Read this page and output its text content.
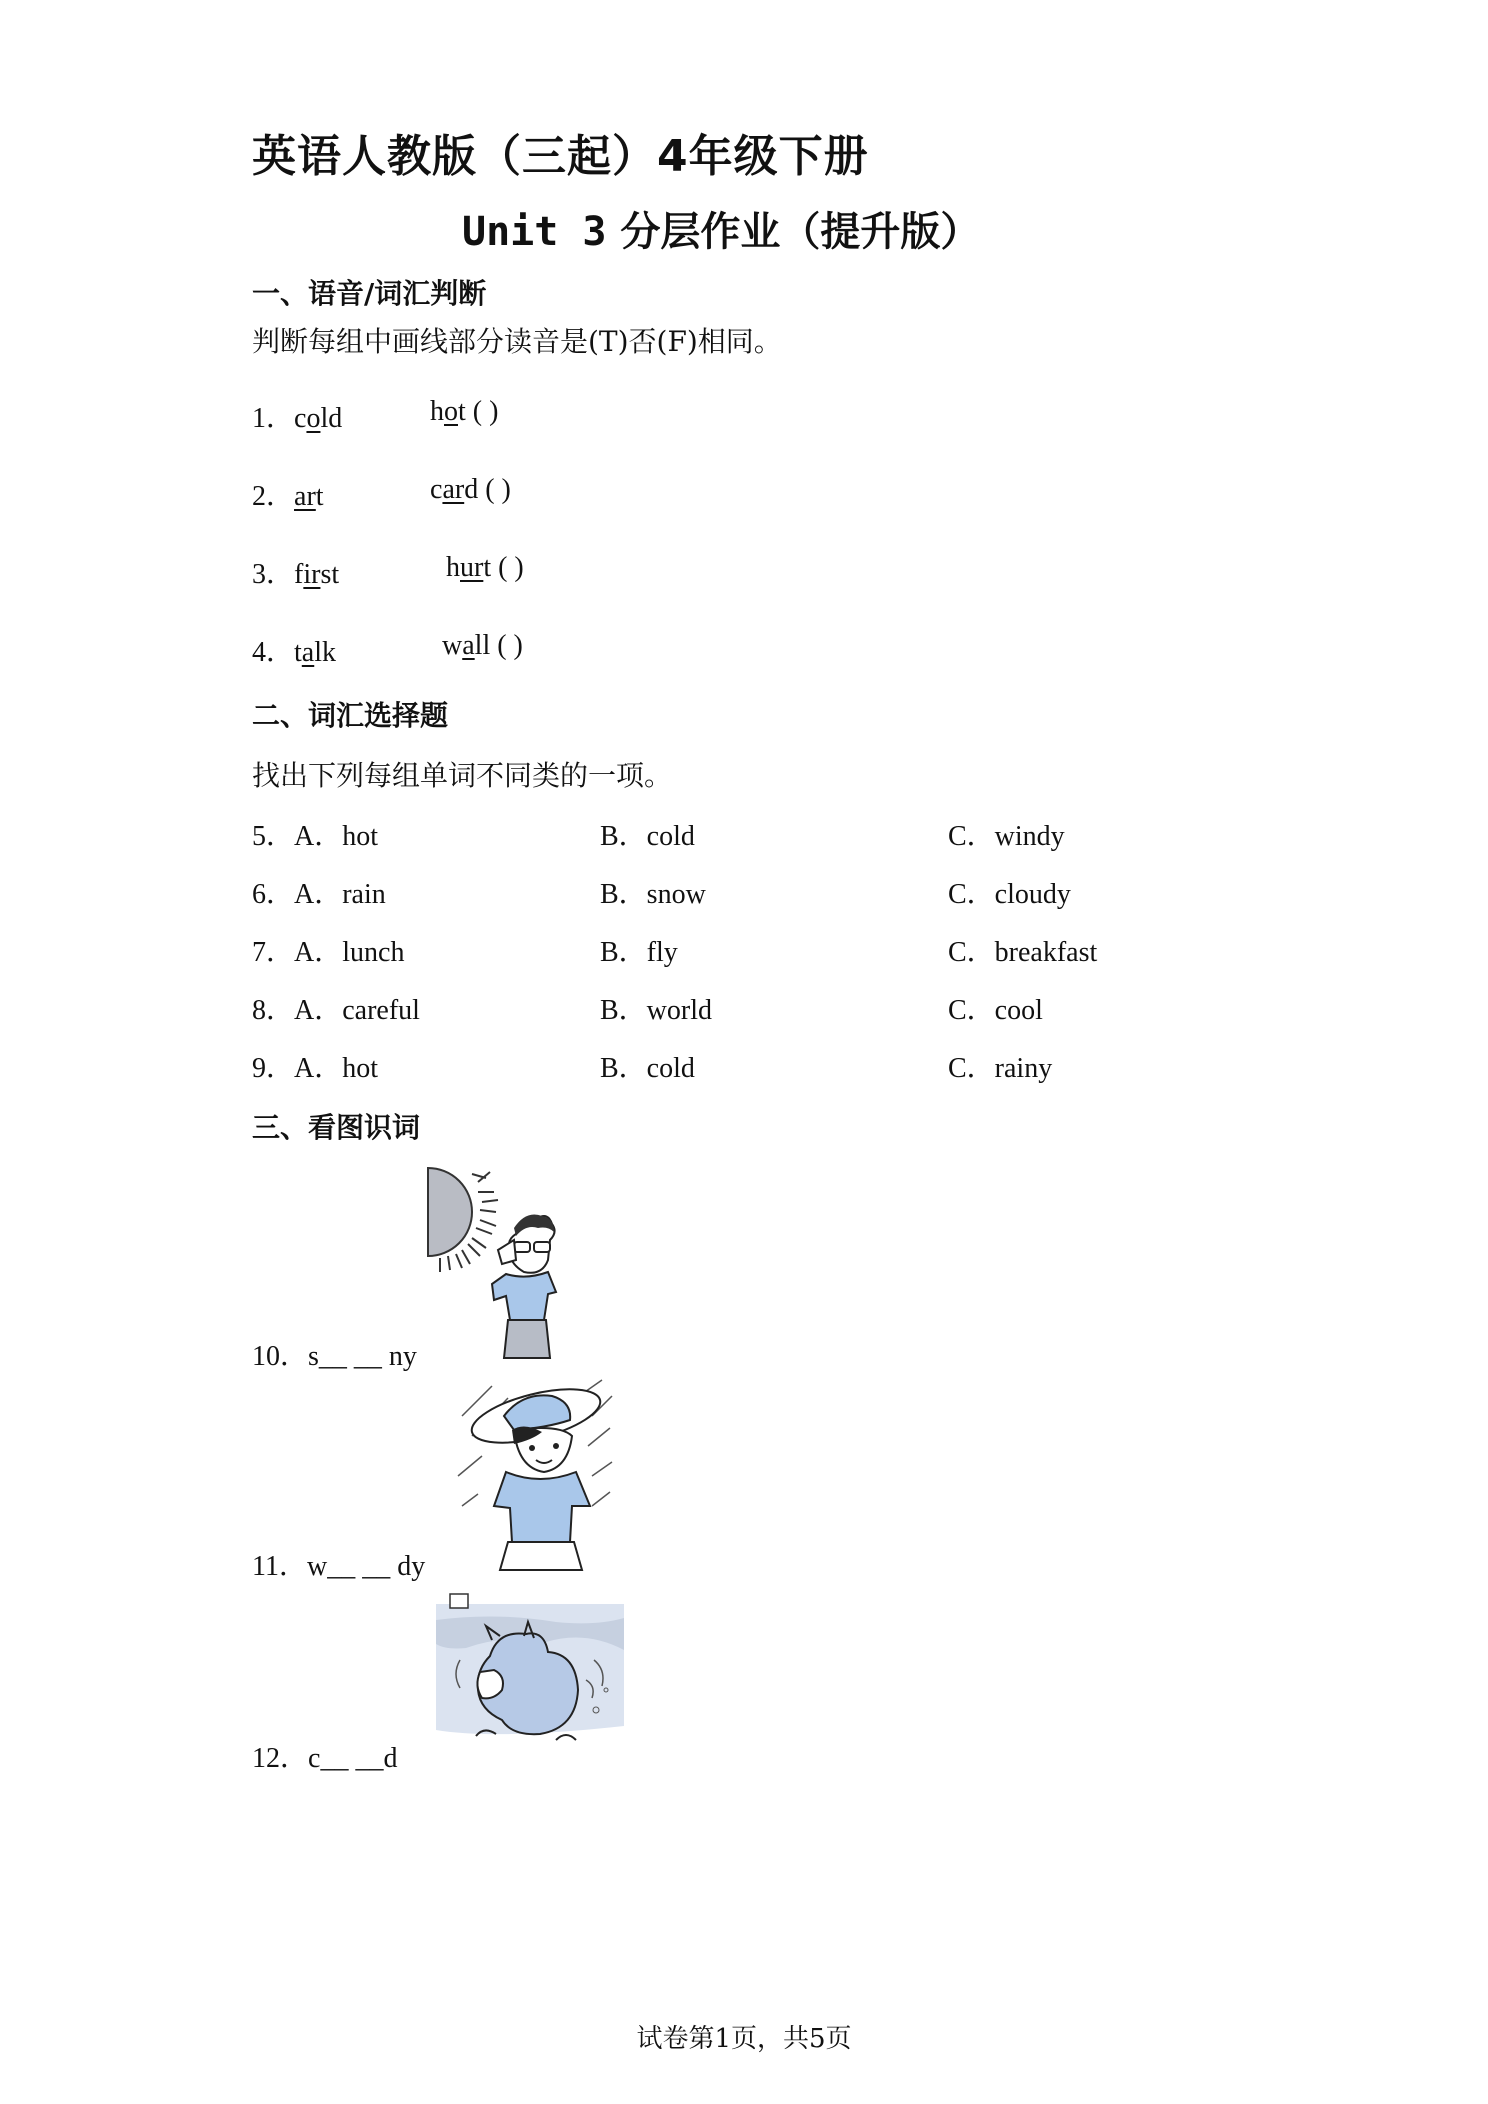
英语人教版（三起）4年级下册
Unit 3 分层作业（提升版）
一、语音/词汇判断
判断每组中画线部分读音是(T)否(F)相同。
1．cold	hot ( )
2．art	card ( )
3．first	hurt ( )
4．talk	wall ( )
二、词汇选择题
找出下列每组单词不同类的一项。
5．A．hot	B．cold	C．windy
6．A．rain	B．snow	C．cloudy
7．A．lunch	B．fly	C．breakfast
8．A．careful	B．world	C．cool
9．A．hot	B．cold	C．rainy
三、看图识词
10．s__ __ ny
11．w__ __ dy
12．c__ __d
试卷第1页，共5页
